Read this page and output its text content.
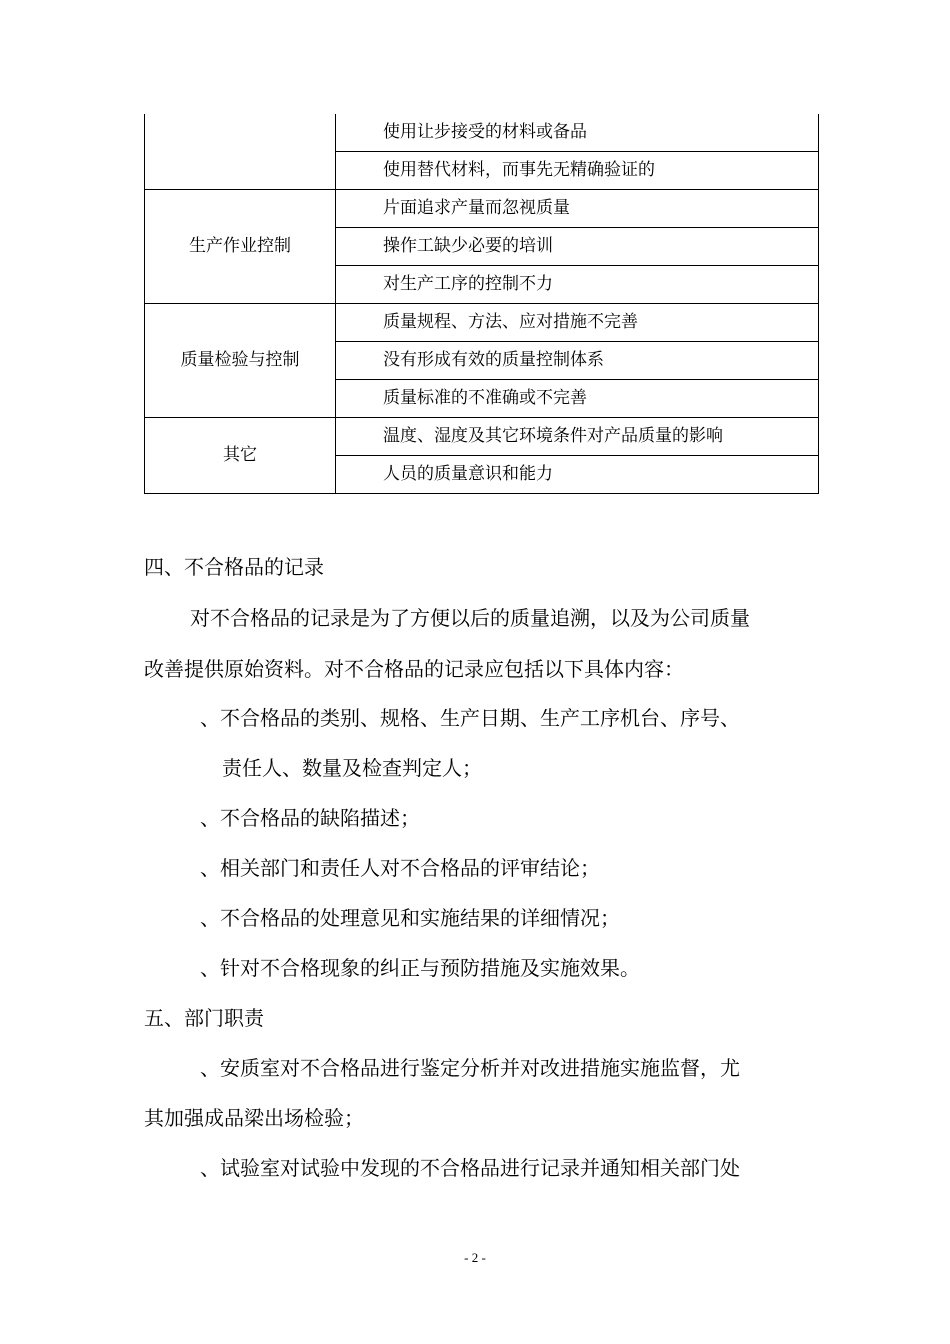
	使用让步接受的材料或备品
	使用替代材料，而事先无精确验证的
生产作业控制	片面追求产量而忽视质量
	操作工缺少必要的培训
	对生产工序的控制不力
质量检验与控制	质量规程、方法、应对措施不完善
	没有形成有效的质量控制体系
	质量标准的不准确或不完善
其它	温度、湿度及其它环境条件对产品质量的影响
	人员的质量意识和能力
四、不合格品的记录
对不合格品的记录是为了方便以后的质量追溯，以及为公司质量
改善提供原始资料。对不合格品的记录应包括以下具体内容：
、不合格品的类别、规格、生产日期、生产工序机台、序号、
责任人、数量及检查判定人；
、不合格品的缺陷描述；
、相关部门和责任人对不合格品的评审结论；
、不合格品的处理意见和实施结果的详细情况；
、针对不合格现象的纠正与预防措施及实施效果。
五、部门职责
、安质室对不合格品进行鉴定分析并对改进措施实施监督，尤
其加强成品梁出场检验；
、试验室对试验中发现的不合格品进行记录并通知相关部门处
- 2 -
